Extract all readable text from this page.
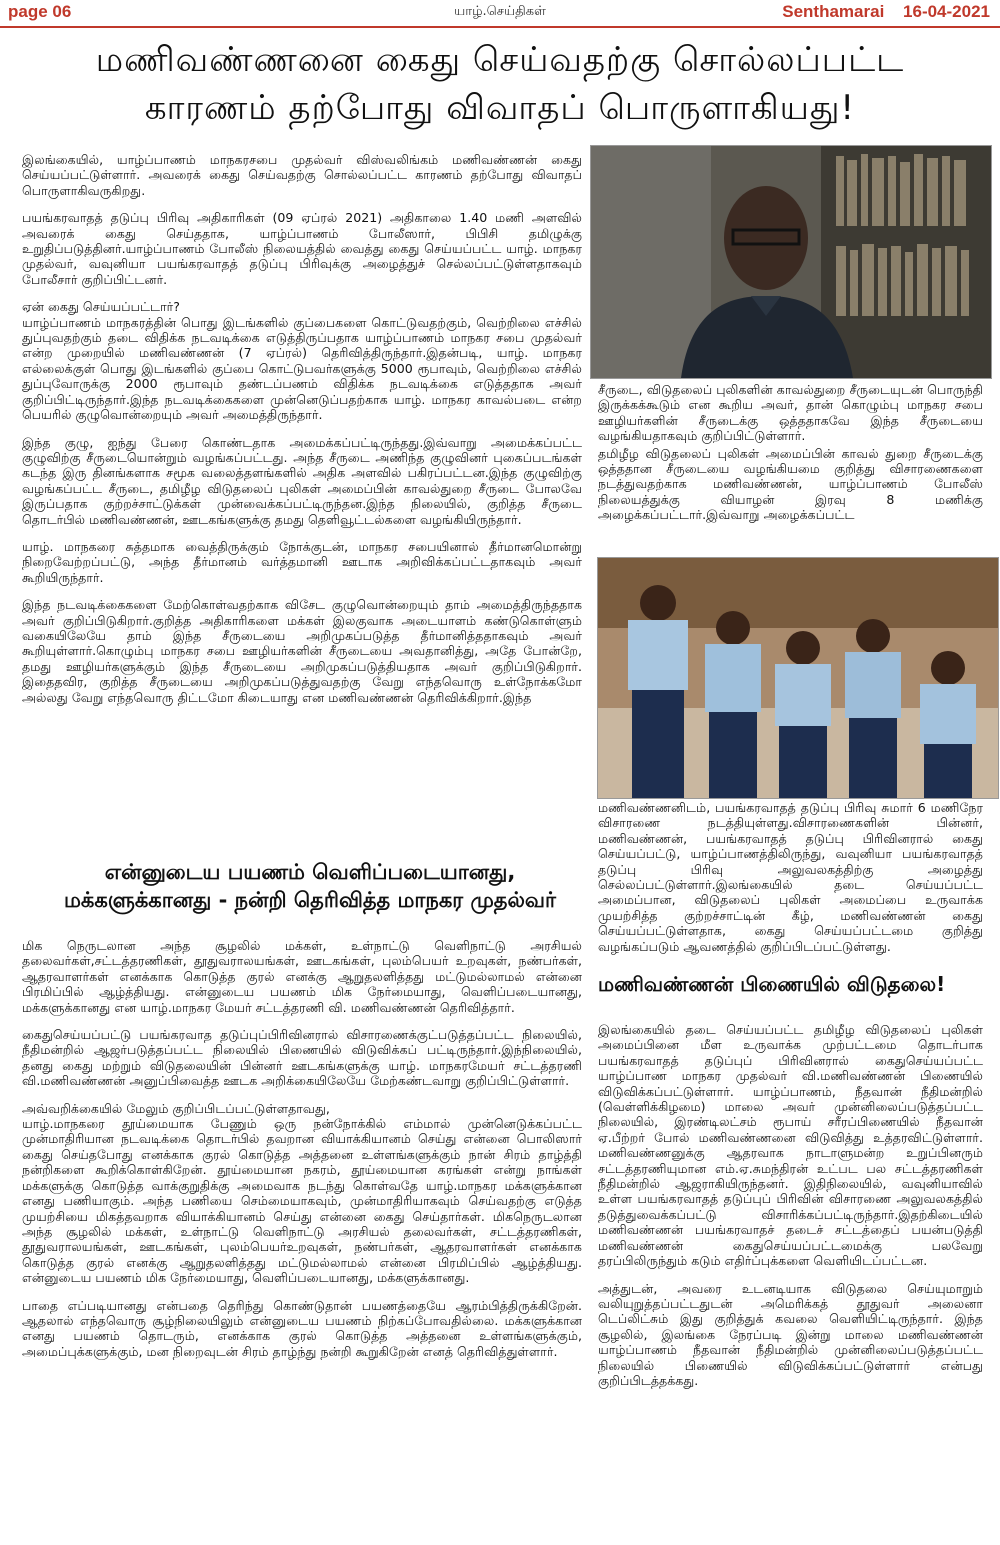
page 06	யாழ்.செய்திகள்	Senthamarai 16-04-2021
மணிவண்ணனை கைது செய்வதற்கு சொல்லப்பட்ட
காரணம் தற்போது விவாதப் பொருளாகியது!

இலங்கையில், யாழ்ப்பாணம் மாநகரசபை முதல்வர் விஸ்வலிங்கம் மணிவண்ணன் கைது செய்யப்பட்டுள்ளார். அவரைக் கைது செய்வதற்கு சொல்லப்பட்ட காரணம் தற்போது விவாதப் பொருளாகிவருகிறது.

பயங்கரவாதத் தடுப்பு பிரிவு அதிகாரிகள் (09 ஏப்ரல் 2021) அதிகாலை 1.40 மணி அளவில் அவரைக் கைது செய்ததாக, யாழ்ப்பாணம் போலீஸார், பிபிசி தமிழுக்கு உறுதிப்படுத்தினர்.யாழ்ப்பாணம் போலீஸ் நிலையத்தில் வைத்து கைது செய்யப்பட்ட யாழ். மாநகர முதல்வர், வவுனியா பயங்கரவாதத் தடுப்பு பிரிவுக்கு அழைத்துச் செல்லப்பட்டுள்ளதாகவும் போலீசார் குறிப்பிட்டனர்.

ஏன் கைது செய்யப்பட்டார்?

யாழ்ப்பாணம் மாநகரத்தின் பொது இடங்களில் குப்பைகளை கொட்டுவதற்கும், வெற்றிலை எச்சில் துப்புவதற்கும் தடை விதிக்க நடவடிக்கை எடுத்திருப்பதாக யாழ்ப்பாணம் மாநகர சபை முதல்வர் என்ற முறையில் மணிவண்ணன் (7 ஏப்ரல்) தெரிவித்திருந்தார்.இதன்படி, யாழ். மாநகர எல்லைக்குள் பொது இடங்களில் குப்பை கொட்டுபவர்களுக்கு 5000 ரூபாவும், வெற்றிலை எச்சில் துப்புவோருக்கு 2000 ரூபாவும் தண்டப்பணம் விதிக்க நடவடிக்கை எடுத்ததாக அவர் குறிப்பிட்டிருந்தார்.இந்த நடவடிக்கைகளை முன்னெடுப்பதற்காக யாழ். மாநகர காவல்படை என்ற பெயரில் குழுவொன்றையும் அவர் அமைத்திருந்தார்.

இந்த குழு, ஐந்து பேரை கொண்டதாக அமைக்கப்பட்டிருந்தது.இவ்வாறு அமைக்கப்பட்ட குழுவிற்கு சீருடையொன்றும் வழங்கப்பட்டது. அந்த சீருடை அணிந்த குழுவினர் புகைப்படங்கள் கடந்த இரு தினங்களாக சமூக வலைத்தளங்களில் அதிக அளவில் பகிரப்பட்டன.இந்த குழுவிற்கு வழங்கப்பட்ட சீருடை, தமிழீழ விடுதலைப் புலிகள் அமைப்பின் காவல்துறை சீருடை போலவே இருப்பதாக குற்றச்சாட்டுக்கள் முன்வைக்கப்பட்டிருந்தன.இந்த நிலையில், குறித்த சீருடை தொடர்பில் மணிவண்ணன், ஊடகங்களுக்கு தமது தெளிவூட்டல்களை வழங்கியிருந்தார்.

யாழ். மாநகரை சுத்தமாக வைத்திருக்கும் நோக்குடன், மாநகர சபையினால் தீர்மானமொன்று நிறைவேற்றப்பட்டு, அந்த தீர்மானம் வர்த்தமானி ஊடாக அறிவிக்கப்பட்டதாகவும் அவர் கூறியிருந்தார்.

இந்த நடவடிக்கைகளை மேற்கொள்வதற்காக விசேட குழுவொன்றையும் தாம் அமைத்திருந்ததாக அவர் குறிப்பிடுகிறார்.குறித்த அதிகாரிகளை மக்கள் இலகுவாக அடையாளம் கண்டுகொள்ளும் வகையிலேயே தாம் இந்த சீருடையை அறிமுகப்படுத்த தீர்மானித்ததாகவும் அவர் கூறியுள்ளார்.கொழும்பு மாநகர சபை ஊழியர்களின் சீருடையை அவதானித்து, அதே போன்றே, தமது ஊழியர்களுக்கும் இந்த சீருடையை அறிமுகப்படுத்தியதாக அவர் குறிப்பிடுகிறார். இதைதவிர, குறித்த சீருடையை அறிமுகப்படுத்துவதற்கு வேறு எந்தவொரு உள்நோக்கமோ அல்லது வேறு எந்தவொரு திட்டமோ கிடையாது என மணிவண்ணன் தெரிவிக்கிறார்.இந்த

என்னுடைய பயணம் வெளிப்படையானது,
மக்களுக்கானது - நன்றி தெரிவித்த மாநகர முதல்வர்

மிக நெருடலான அந்த சூழலில் மக்கள், உள்நாட்டு வெளிநாட்டு அரசியல் தலைவர்கள்,சட்டத்தரணிகள், தூதுவராலயங்கள், ஊடகங்கள், புலம்பெயர் உறவுகள், நண்பர்கள், ஆதரவாளர்கள் எனக்காக கொடுத்த குரல் எனக்கு ஆறுதலளித்தது மட்டுமல்லாமல் என்னை பிரமிப்பில் ஆழ்த்தியது. என்னுடைய பயணம் மிக நேர்மையாது, வெளிப்படையானது, மக்களுக்கானது என யாழ்.மாநகர மேயர் சட்டத்தரணி வி. மணிவண்ணன் தெரிவித்தார்.

கைதுசெய்யப்பட்டு பயங்கரவாத தடுப்புப்பிரிவினரால் விசாரணைக்குட்படுத்தப்பட்ட நிலையில், நீதிமன்றில் ஆஜர்படுத்தப்பட்ட நிலையில் பிணையில் விடுவிக்கப் பட்டிருந்தார்.இந்நிலையில், தனது கைது மற்றும் விடுதலையின் பின்னர் ஊடகங்களுக்கு யாழ். மாநகரமேயர் சட்டத்தரணி வி.மணிவண்ணன் அனுப்பிவைத்த ஊடக அறிக்கையிலேயே மேற்கண்டவாறு குறிப்பிட்டுள்ளார்.

அவ்வறிக்கையில் மேலும் குறிப்பிடப்பட்டுள்ளதாவது,

யாழ்.மாநகரை தூய்மையாக பேணும் ஒரு நன்நோக்கில் எம்மால் முன்னெடுக்கப்பட்ட முன்மாதிரியான நடவடிக்கை தொடர்பில் தவறான வியாக்கியானம் செய்து என்னை பொலிஸார் கைது செய்தபோது எனக்காக குரல் கொடுத்த அத்தனை உள்ளங்களுக்கும் நான் சிரம் தாழ்த்தி நன்றிகளை கூறிக்கொள்கிறேன். தூய்மையான நகரம், தூய்மையான கரங்கள் என்று நாங்கள் மக்களுக்கு கொடுத்த வாக்குறுதிக்கு அமைவாக நடந்து கொள்வதே யாழ்.மாநகர மக்களுக்கான எனது பணியாகும். அந்த பணியை செம்மையாகவும், முன்மாதிரியாகவும் செய்வதற்கு எடுத்த முயற்சியை மிகத்தவறாக வியாக்கியானம் செய்து என்னை கைது செய்தார்கள். மிகநெருடலான அந்த சூழலில் மக்கள், உள்நாட்டு வெளிநாட்டு அரசியல் தலைவர்கள், சட்டத்தரணிகள், தூதுவராலயங்கள், ஊடகங்கள், புலம்பெயர்உறவுகள், நண்பர்கள், ஆதரவாளர்கள் எனக்காக கொடுத்த குரல் எனக்கு ஆறுதலளித்தது மட்டுமல்லாமல் என்னை பிரமிப்பில் ஆழ்த்தியது. என்னுடைய பயணம் மிக நேர்மையாது, வெளிப்படையானது, மக்களுக்கானது.

பாதை எப்படியானது என்பதை தெரிந்து கொண்டுதான் பயணத்தையே ஆரம்பித்திருக்கிறேன். ஆதலால் எந்தவொரு சூழ்நிலையிலும் என்னுடைய பயணம் நிற்கப்போவதில்லை. மக்களுக்கான எனது பயணம் தொடரும், எனக்காக குரல் கொடுத்த அத்தனை உள்ளங்களுக்கும், அமைப்புக்களுக்கும், மன நிறைவுடன் சிரம் தாழ்ந்து நன்றி கூறுகிறேன் எனத் தெரிவித்துள்ளார்.

சீருடை, விடுதலைப் புலிகளின் காவல்துறை சீருடையுடன் பொருந்தி இருக்கக்கூடும் என கூறிய அவர், தான் கொழும்பு மாநகர சபை ஊழியர்களின் சீருடைக்கு ஒத்ததாகவே இந்த சீருடையை வழங்கியதாகவும் குறிப்பிட்டுள்ளார்.

தமிழீழ விடுதலைப் புலிகள் அமைப்பின் காவல் துறை சீருடைக்கு ஒத்ததான சீருடையை வழங்கியமை குறித்து விசாரணைகளை நடத்துவதற்காக மணிவண்ணன், யாழ்ப்பாணம் போலீஸ் நிலையத்துக்கு வியாழன் இரவு 8 மணிக்கு அழைக்கப்பட்டார்.இவ்வாறு அழைக்கப்பட்ட

மணிவண்ணனிடம், பயங்கரவாதத் தடுப்பு பிரிவு சுமார் 6 மணிநேர விசாரணை நடத்தியுள்ளது.விசாரணைகளின் பின்னர், மணிவண்ணன், பயங்கரவாதத் தடுப்பு பிரிவினரால் கைது செய்யப்பட்டு, யாழ்ப்பாணத்திலிருந்து, வவுனியா பயங்கரவாதத் தடுப்பு பிரிவு அலுவலகத்திற்கு அழைத்து செல்லப்பட்டுள்ளார்.இலங்கையில் தடை செய்யப்பட்ட அமைப்பான, விடுதலைப் புலிகள் அமைப்பை உருவாக்க முயற்சித்த குற்றச்சாட்டின் கீழ், மணிவண்ணன் கைது செய்யப்பட்டுள்ளதாக, கைது செய்யப்பட்டமை குறித்து வழங்கப்படும் ஆவணத்தில் குறிப்பிடப்பட்டுள்ளது.

மணிவண்ணன் பிணையில் விடுதலை!

இலங்கையில் தடை செய்யப்பட்ட தமிழீழ விடுதலைப் புலிகள் அமைப்பினை மீள உருவாக்க முற்பட்டமை தொடர்பாக பயங்கரவாதத் தடுப்புப் பிரிவினரால் கைதுசெய்யப்பட்ட யாழ்ப்பாண மாநகர முதல்வர் வி.மணிவண்ணன் பிணையில் விடுவிக்கப்பட்டுள்ளார். யாழ்ப்பாணம், நீதவான் நீதிமன்றில் (வெள்ளிக்கிழமை) மாலை அவர் முன்னிலைப்படுத்தப்பட்ட நிலையில், இரண்டிலட்சம் ரூபாய் சரீரப்பிணையில் நீதவான் ஏ.பீற்றர் போல் மணிவண்ணனை விடுவித்து உத்தரவிட்டுள்ளார். மணிவண்ணனுக்கு ஆதரவாக நாடாளுமன்ற உறுப்பினரும் சட்டத்தரணியுமான எம்.ஏ.சுமந்திரன் உட்பட பல சட்டத்தரணிகள் நீதிமன்றில் ஆஜராகியிருந்தனர். இதிநிலையில், வவுனியாவில் உள்ள பயங்கரவாதத் தடுப்புப் பிரிவின் விசாரணை அலுவலகத்தில் தடுத்துவைக்கப்பட்டு விசாரிக்கப்பட்டிருந்தார்.இதற்கிடையில் மணிவண்ணன் பயங்கரவாதச் தடைச் சட்டத்தைப் பயன்படுத்தி மணிவண்ணன் கைதுசெய்யப்பட்டமைக்கு பலவேறு தரப்பிலிருந்தும் கடும் எதிர்ப்புக்களை வெளியிடப்பட்டன.

அத்துடன், அவரை உடனடியாக விடுதலை செய்யுமாறும் வலியுறுத்தப்பட்டதுடன் அமெரிக்கத் தூதுவர் அலைனா டெப்லிட்சும் இது குறித்துக் கவலை வெளியிட்டிருந்தார். இந்த சூழலில், இலங்கை நேரப்படி இன்று மாலை மணிவண்ணன் யாழ்ப்பாணம் நீதவான் நீதிமன்றில் முன்னிலைப்படுத்தப்பட்ட நிலையில் பிணையில் விடுவிக்கப்பட்டுள்ளார் என்பது குறிப்பிடத்தக்கது.
